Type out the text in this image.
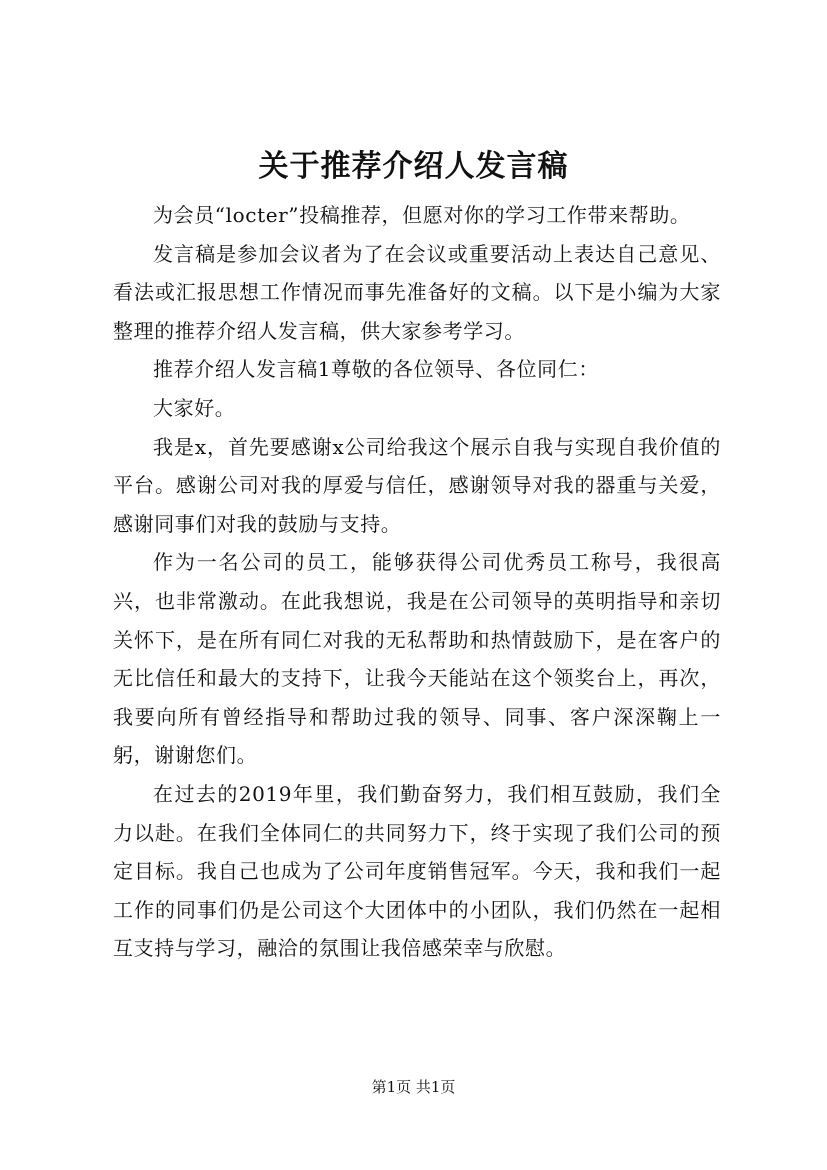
关于推荐介绍人发言稿

为会员“locter”投稿推荐，但愿对你的学习工作带来帮助。

发言稿是参加会议者为了在会议或重要活动上表达自己意见、看法或汇报思想工作情况而事先准备好的文稿。以下是小编为大家整理的推荐介绍人发言稿，供大家参考学习。

推荐介绍人发言稿1尊敬的各位领导、各位同仁：

大家好。

我是x，首先要感谢x公司给我这个展示自我与实现自我价值的平台。感谢公司对我的厚爱与信任，感谢领导对我的器重与关爱，感谢同事们对我的鼓励与支持。

作为一名公司的员工，能够获得公司优秀员工称号，我很高兴，也非常激动。在此我想说，我是在公司领导的英明指导和亲切关怀下，是在所有同仁对我的无私帮助和热情鼓励下，是在客户的无比信任和最大的支持下，让我今天能站在这个领奖台上，再次，我要向所有曾经指导和帮助过我的领导、同事、客户深深鞠上一躬，谢谢您们。

在过去的2019年里，我们勤奋努力，我们相互鼓励，我们全力以赴。在我们全体同仁的共同努力下，终于实现了我们公司的预定目标。我自己也成为了公司年度销售冠军。今天，我和我们一起工作的同事们仍是公司这个大团体中的小团队，我们仍然在一起相互支持与学习，融洽的氛围让我倍感荣幸与欣慰。

第1页 共1页
